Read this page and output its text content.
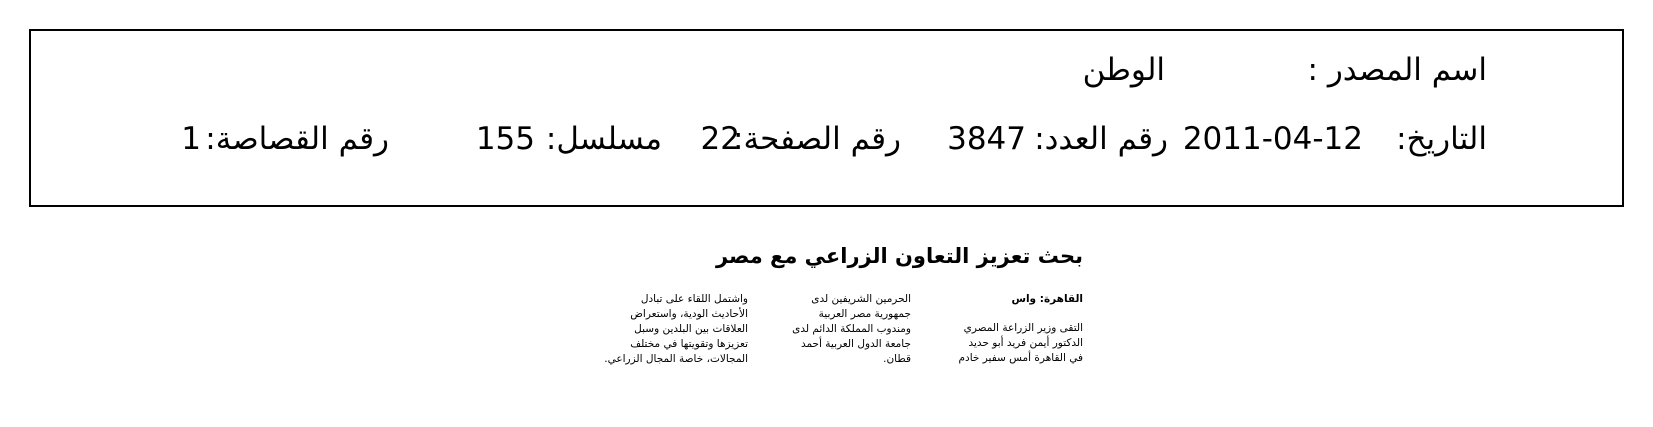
اسم المصدر :
الوطن
التاريخ:
2011-04-12
رقم العدد:
3847
رقم الصفحة:
22
مسلسل:
155
رقم القصاصة:
1
بحث تعزيز التعاون الزراعي مع مصر
القاهرة: واس
التقى وزير الزراعة المصري
الدكتور أيمن فريد أبو حديد
في القاهرة أمس سفير خادم
الحرمين الشريفين لدى
جمهورية مصر العربية
ومندوب المملكة الدائم لدى
جامعة الدول العربية أحمد
قطان.
واشتمل اللقاء على تبادل
الأحاديث الودية، واستعراض
العلاقات بين البلدين وسبل
تعزيزها وتقويتها في مختلف
المجالات، خاصة المجال الزراعي.
